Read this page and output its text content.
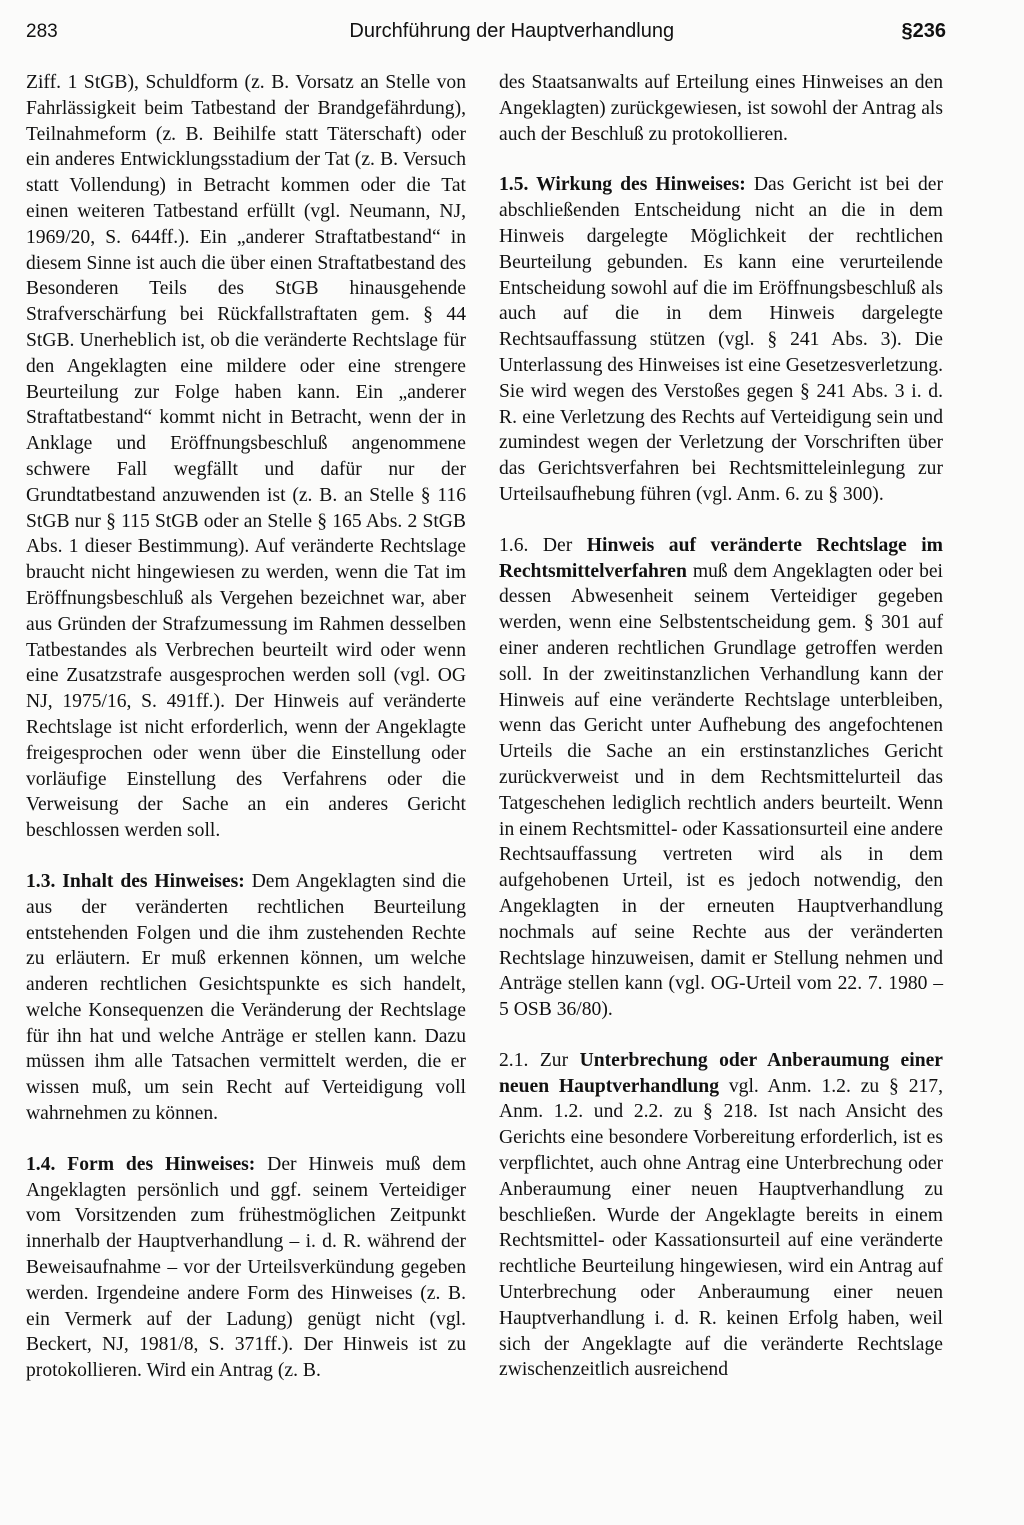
283	Durchführung der Hauptverhandlung	§236

Ziff. 1 StGB), Schuldform (z. B. Vorsatz an Stelle von Fahrlässigkeit beim Tatbestand der Brandgefährdung), Teilnahmeform (z. B. Beihilfe statt Täterschaft) oder ein anderes Entwicklungsstadium der Tat (z. B. Versuch statt Vollendung) in Betracht kommen oder die Tat einen weiteren Tatbestand erfüllt (vgl. Neumann, NJ, 1969/20, S. 644ff.). Ein „anderer Straftatbestand“ in diesem Sinne ist auch die über einen Straftatbestand des Besonderen Teils des StGB hinausgehende Strafverschärfung bei Rückfallstraftaten gem. § 44 StGB. Unerheblich ist, ob die veränderte Rechtslage für den Angeklagten eine mildere oder eine strengere Beurteilung zur Folge haben kann. Ein „anderer Straftatbestand“ kommt nicht in Betracht, wenn der in Anklage und Eröffnungsbeschluß angenommene schwere Fall wegfällt und dafür nur der Grundtatbestand anzuwenden ist (z. B. an Stelle § 116 StGB nur § 115 StGB oder an Stelle § 165 Abs. 2 StGB Abs. 1 dieser Bestimmung). Auf veränderte Rechtslage braucht nicht hingewiesen zu werden, wenn die Tat im Eröffnungsbeschluß als Vergehen bezeichnet war, aber aus Gründen der Strafzumessung im Rahmen desselben Tatbestandes als Verbrechen beurteilt wird oder wenn eine Zusatzstrafe ausgesprochen werden soll (vgl. OG NJ, 1975/16, S. 491ff.). Der Hinweis auf veränderte Rechtslage ist nicht erforderlich, wenn der Angeklagte freigesprochen oder wenn über die Einstellung oder vorläufige Einstellung des Verfahrens oder die Verweisung der Sache an ein anderes Gericht beschlossen werden soll.

1.3. Inhalt des Hinweises: Dem Angeklagten sind die aus der veränderten rechtlichen Beurteilung entstehenden Folgen und die ihm zustehenden Rechte zu erläutern. Er muß erkennen können, um welche anderen rechtlichen Gesichtspunkte es sich handelt, welche Konsequenzen die Veränderung der Rechtslage für ihn hat und welche Anträge er stellen kann. Dazu müssen ihm alle Tatsachen vermittelt werden, die er wissen muß, um sein Recht auf Verteidigung voll wahrnehmen zu können.

1.4. Form des Hinweises: Der Hinweis muß dem Angeklagten persönlich und ggf. seinem Verteidiger vom Vorsitzenden zum frühestmöglichen Zeitpunkt innerhalb der Hauptverhandlung – i. d. R. während der Beweisaufnahme – vor der Urteilsverkündung gegeben werden. Irgendeine andere Form des Hinweises (z. B. ein Vermerk auf der Ladung) genügt nicht (vgl. Beckert, NJ, 1981/8, S. 371ff.). Der Hinweis ist zu protokollieren. Wird ein Antrag (z. B.

des Staatsanwalts auf Erteilung eines Hinweises an den Angeklagten) zurückgewiesen, ist sowohl der Antrag als auch der Beschluß zu protokollieren.

1.5. Wirkung des Hinweises: Das Gericht ist bei der abschließenden Entscheidung nicht an die in dem Hinweis dargelegte Möglichkeit der rechtlichen Beurteilung gebunden. Es kann eine verurteilende Entscheidung sowohl auf die im Eröffnungsbeschluß als auch auf die in dem Hinweis dargelegte Rechtsauffassung stützen (vgl. § 241 Abs. 3). Die Unterlassung des Hinweises ist eine Gesetzesverletzung. Sie wird wegen des Verstoßes gegen § 241 Abs. 3 i. d. R. eine Verletzung des Rechts auf Verteidigung sein und zumindest wegen der Verletzung der Vorschriften über das Gerichtsverfahren bei Rechtsmitteleinlegung zur Urteilsaufhebung führen (vgl. Anm. 6. zu § 300).

1.6. Der Hinweis auf veränderte Rechtslage im Rechtsmittelverfahren muß dem Angeklagten oder bei dessen Abwesenheit seinem Verteidiger gegeben werden, wenn eine Selbstentscheidung gem. § 301 auf einer anderen rechtlichen Grundlage getroffen werden soll. In der zweitinstanzlichen Verhandlung kann der Hinweis auf eine veränderte Rechtslage unterbleiben, wenn das Gericht unter Aufhebung des angefochtenen Urteils die Sache an ein erstinstanzliches Gericht zurückverweist und in dem Rechtsmittelurteil das Tatgeschehen lediglich rechtlich anders beurteilt. Wenn in einem Rechtsmittel- oder Kassationsurteil eine andere Rechtsauffassung vertreten wird als in dem aufgehobenen Urteil, ist es jedoch notwendig, den Angeklagten in der erneuten Hauptverhandlung nochmals auf seine Rechte aus der veränderten Rechtslage hinzuweisen, damit er Stellung nehmen und Anträge stellen kann (vgl. OG-Urteil vom 22. 7. 1980 – 5 OSB 36/80).

2.1. Zur Unterbrechung oder Anberaumung einer neuen Hauptverhandlung vgl. Anm. 1.2. zu § 217, Anm. 1.2. und 2.2. zu § 218. Ist nach Ansicht des Gerichts eine besondere Vorbereitung erforderlich, ist es verpflichtet, auch ohne Antrag eine Unterbrechung oder Anberaumung einer neuen Hauptverhandlung zu beschließen. Wurde der Angeklagte bereits in einem Rechtsmittel- oder Kassationsurteil auf eine veränderte rechtliche Beurteilung hingewiesen, wird ein Antrag auf Unterbrechung oder Anberaumung einer neuen Hauptverhandlung i. d. R. keinen Erfolg haben, weil sich der Angeklagte auf die veränderte Rechtslage zwischenzeitlich ausreichend
